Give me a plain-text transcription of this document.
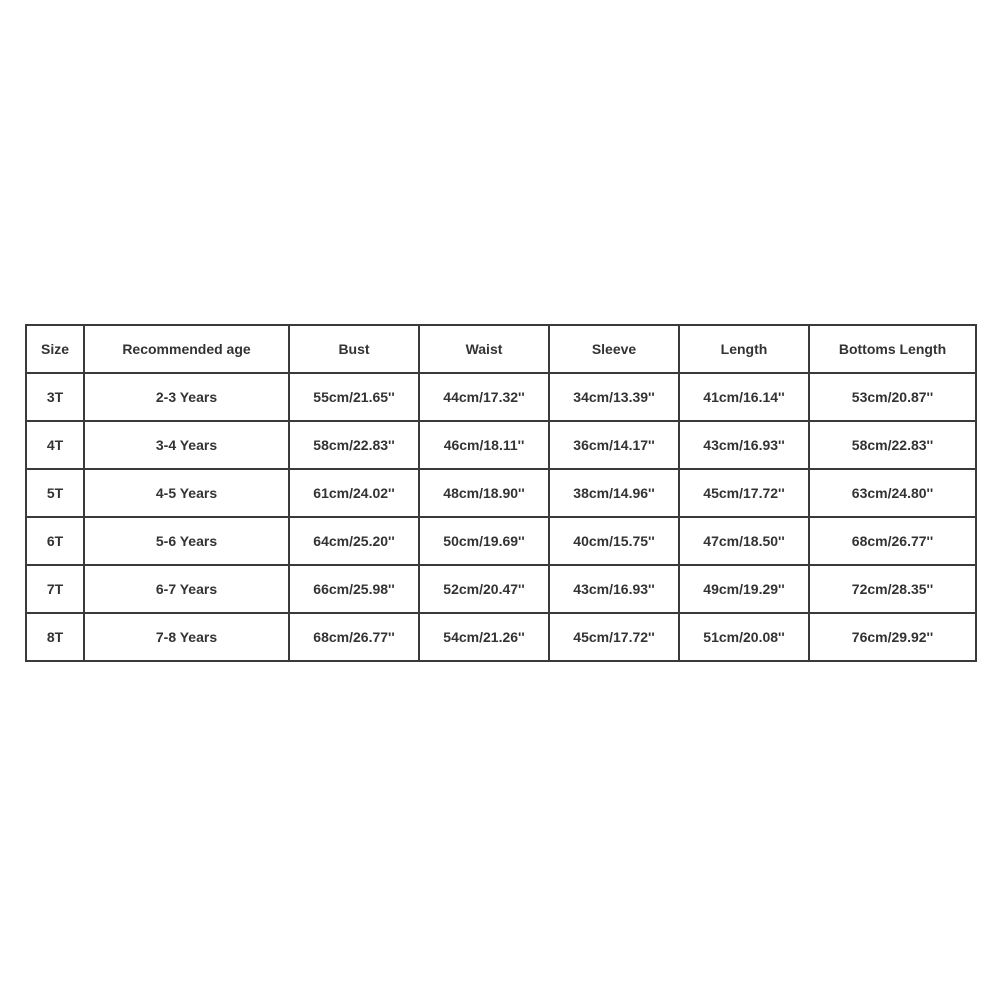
Size	Recommended age	Bust	Waist	Sleeve	Length	Bottoms Length
3T	2-3 Years	55cm/21.65''	44cm/17.32''	34cm/13.39''	41cm/16.14''	53cm/20.87''
4T	3-4 Years	58cm/22.83''	46cm/18.11''	36cm/14.17''	43cm/16.93''	58cm/22.83''
5T	4-5 Years	61cm/24.02''	48cm/18.90''	38cm/14.96''	45cm/17.72''	63cm/24.80''
6T	5-6 Years	64cm/25.20''	50cm/19.69''	40cm/15.75''	47cm/18.50''	68cm/26.77''
7T	6-7 Years	66cm/25.98''	52cm/20.47''	43cm/16.93''	49cm/19.29''	72cm/28.35''
8T	7-8 Years	68cm/26.77''	54cm/21.26''	45cm/17.72''	51cm/20.08''	76cm/29.92''
